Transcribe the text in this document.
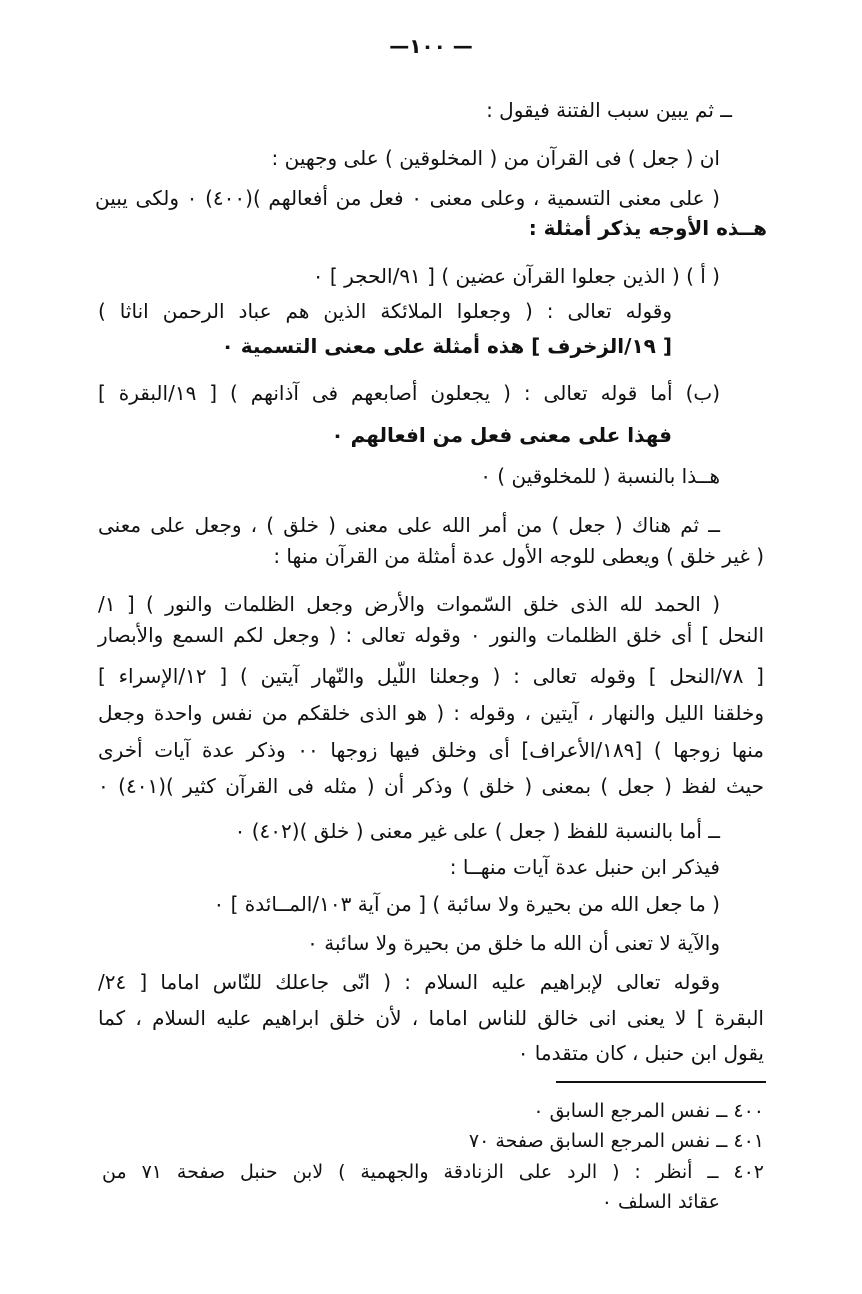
—١٠٠ —
ــ ثم يبين سبب الفتنة فيقول :
ان ( جعل ) فى القرآن من ( المخلوقين ) على وجهين :
( على معنى التسمية ، وعلى معنى ٠ فعل من أفعالهم )(٤٠٠) ٠ ولكى يبين
هــذه الأوجه يذكر أمثلة :
( أ ) ( الذين جعلوا القرآن عضين ) [ ٩١/الحجر ] ٠
وقوله تعالى : ( وجعلوا الملائكة الذين هم عباد الرحمن اناثا )
[ ١٩/الزخرف ] هذه أمثلة على معنى التسمية ٠
(ب) أما قوله تعالى : ( يجعلون أصابعهم فى آذانهم ) [ ١٩/البقرة ]
فهذا على معنى فعل من افعالهم ٠
هــذا بالنسبة ( للمخلوقين ) ٠
ــ ثم هناك ( جعل ) من أمر الله على معنى ( خلق ) ، وجعل على معنى
( غير خلق ) ويعطى للوجه الأول عدة أمثلة من القرآن منها :
( الحمد لله الذى خلق السّموات والأرض وجعل الظلمات والنور ) [ ١/
النحل ] أى خلق الظلمات والنور ٠ وقوله تعالى : ( وجعل لكم السمع والأبصار
[ ٧٨/النحل ] وقوله تعالى : ( وجعلنا اللّيل والنّهار آيتين ) [ ١٢/الإسراء ]
وخلقنا الليل والنهار ، آيتين ، وقوله : ( هو الذى خلقكم من نفس واحدة وجعل
منها زوجها ) [١٨٩/الأعراف] أى وخلق فيها زوجها ٠٠ وذكر عدة آيات أخرى
حيث لفظ ( جعل ) بمعنى ( خلق ) وذكر أن ( مثله فى القرآن كثير )(٤٠١) ٠
ــ أما بالنسبة للفظ ( جعل ) على غير معنى ( خلق )(٤٠٢) ٠
فيذكر ابن حنبل عدة آيات منهــا :
( ما جعل الله من بحيرة ولا سائبة ) [ من آية ١٠٣/المــائدة ] ٠
والآية لا تعنى أن الله ما خلق من بحيرة ولا سائبة ٠
وقوله تعالى لإبراهيم عليه السلام : ( انّى جاعلك للنّاس اماما [ ٢٤/
البقرة ] لا يعنى انى خالق للناس اماما ، لأن خلق ابراهيم عليه السلام ، كما
يقول ابن حنبل ، كان متقدما ٠
٤٠٠ ــ نفس المرجع السابق ٠
٤٠١ ــ نفس المرجع السابق صفحة ٧٠
٤٠٢ ــ أنظر : ( الرد على الزنادقة والجهمية ) لابن حنبل صفحة ٧١ من
عقائد السلف ٠
